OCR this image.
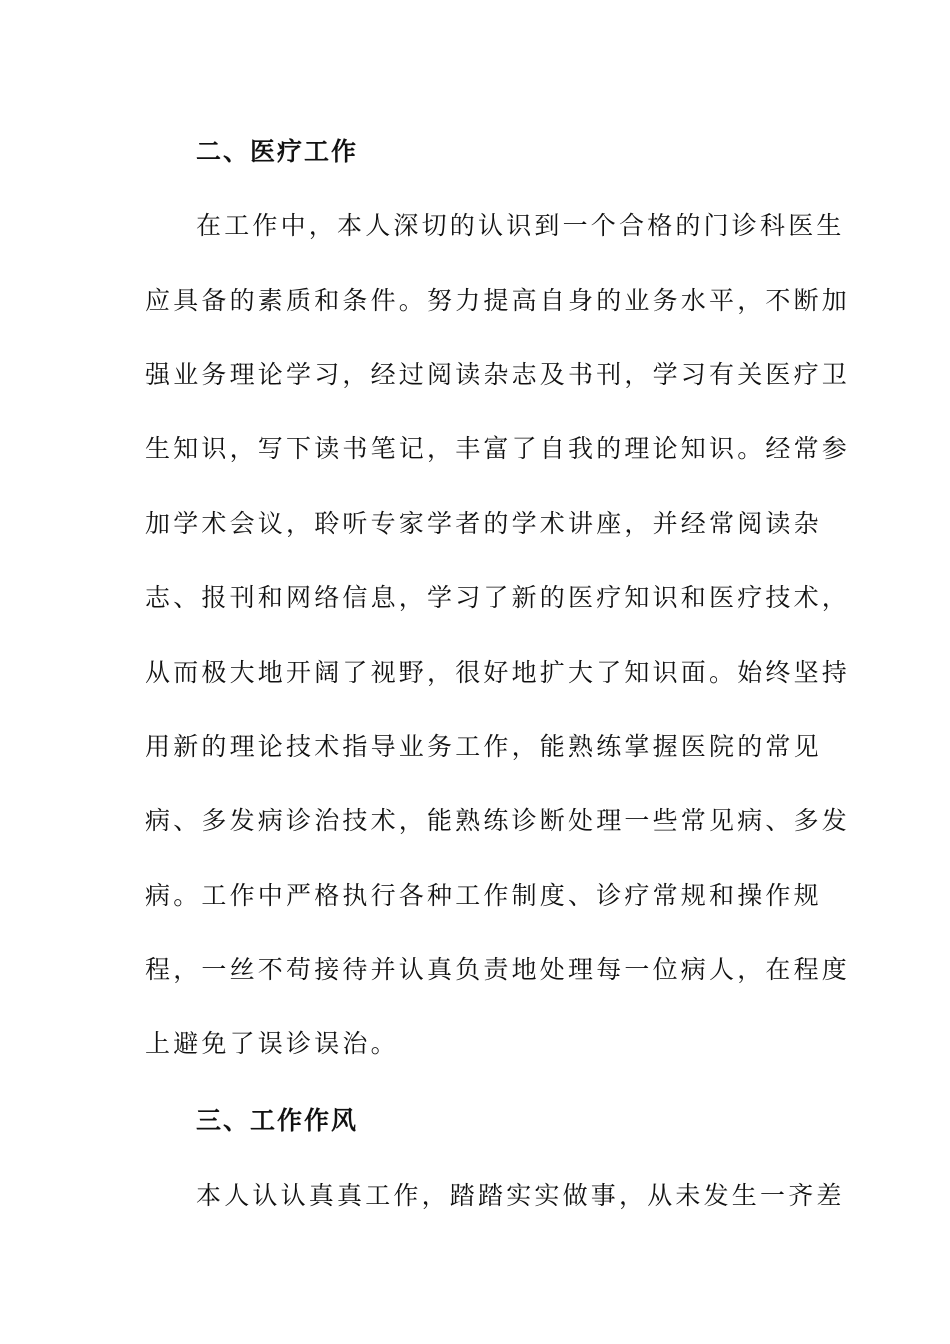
二、医疗工作
在工作中，本人深切的认识到一个合格的门诊科医生
应具备的素质和条件。努力提高自身的业务水平，不断加
强业务理论学习，经过阅读杂志及书刊，学习有关医疗卫
生知识，写下读书笔记，丰富了自我的理论知识。经常参
加学术会议，聆听专家学者的学术讲座，并经常阅读杂
志、报刊和网络信息，学习了新的医疗知识和医疗技术，
从而极大地开阔了视野，很好地扩大了知识面。始终坚持
用新的理论技术指导业务工作，能熟练掌握医院的常见
病、多发病诊治技术，能熟练诊断处理一些常见病、多发
病。工作中严格执行各种工作制度、诊疗常规和操作规
程，一丝不苟接待并认真负责地处理每一位病人，在程度
上避免了误诊误治。
三、工作作风
本人认认真真工作，踏踏实实做事，从未发生一齐差
